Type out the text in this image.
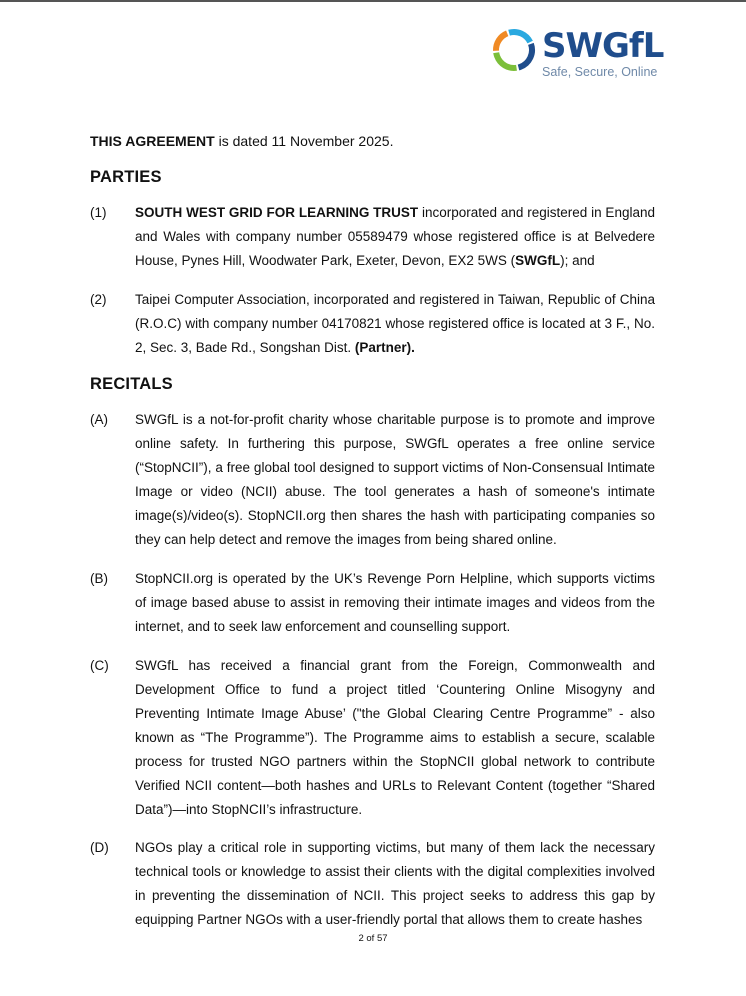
SWGfL
Safe, Secure, Online
THIS AGREEMENT is dated 11 November 2025.
PARTIES
(1) SOUTH WEST GRID FOR LEARNING TRUST incorporated and registered in England and Wales with company number 05589479 whose registered office is at Belvedere House, Pynes Hill, Woodwater Park, Exeter, Devon, EX2 5WS (SWGfL); and
(2) Taipei Computer Association, incorporated and registered in Taiwan, Republic of China (R.O.C) with company number 04170821 whose registered office is located at 3 F., No. 2, Sec. 3, Bade Rd., Songshan Dist. (Partner).
RECITALS
(A) SWGfL is a not-for-profit charity whose charitable purpose is to promote and improve online safety. In furthering this purpose, SWGfL operates a free online service (“StopNCII”), a free global tool designed to support victims of Non-Consensual Intimate Image or video (NCII) abuse. The tool generates a hash of someone's intimate image(s)/video(s). StopNCII.org then shares the hash with participating companies so they can help detect and remove the images from being shared online.
(B) StopNCII.org is operated by the UK’s Revenge Porn Helpline, which supports victims of image based abuse to assist in removing their intimate images and videos from the internet, and to seek law enforcement and counselling support.
(C) SWGfL has received a financial grant from the Foreign, Commonwealth and Development Office to fund a project titled ‘Countering Online Misogyny and Preventing Intimate Image Abuse’ ("the Global Clearing Centre Programme” - also known as “The Programme”). The Programme aims to establish a secure, scalable process for trusted NGO partners within the StopNCII global network to contribute Verified NCII content—both hashes and URLs to Relevant Content (together “Shared Data”)—into StopNCII’s infrastructure.
(D) NGOs play a critical role in supporting victims, but many of them lack the necessary technical tools or knowledge to assist their clients with the digital complexities involved in preventing the dissemination of NCII. This project seeks to address this gap by equipping Partner NGOs with a user-friendly portal that allows them to create hashes
2 of 57
